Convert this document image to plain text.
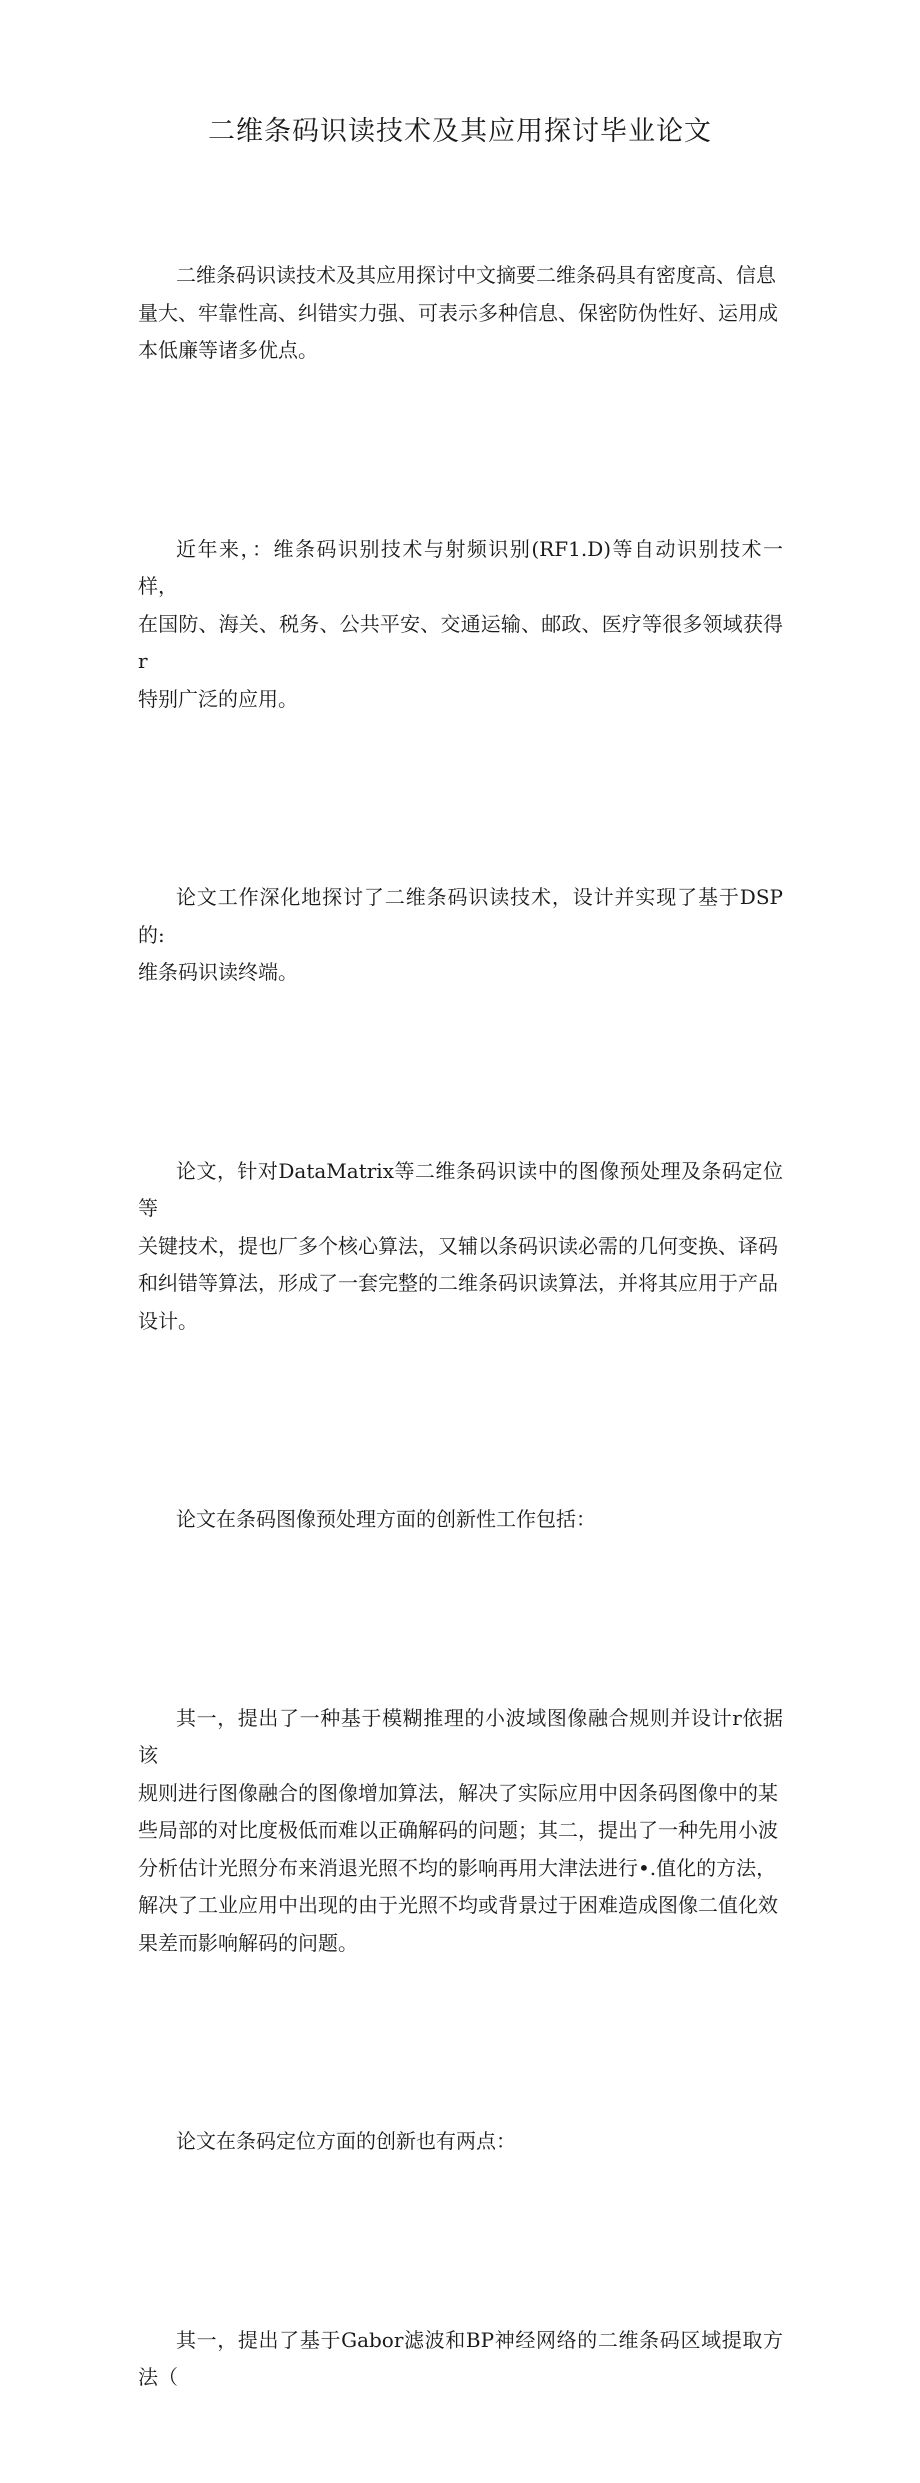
二维条码识读技术及其应用探讨毕业论文

二维条码识读技术及其应用探讨中文摘要二维条码具有密度高、信息
量大、牢靠性高、纠错实力强、可表示多种信息、保密防伪性好、运用成
本低廉等诸多优点。

近年来，：维条码识别技术与射频识别(RF1.D)等自动识别技术一样，
在国防、海关、税务、公共平安、交通运输、邮政、医疗等很多领域获得r
特别广泛的应用。

论文工作深化地探讨了二维条码识读技术，设计并实现了基于DSP的:
维条码识读终端。

论文，针对DataMatrix等二维条码识读中的图像预处理及条码定位等
关键技术，提也厂多个核心算法，又辅以条码识读必需的几何变换、译码
和纠错等算法，形成了一套完整的二维条码识读算法，并将其应用于产品
设计。

论文在条码图像预处理方面的创新性工作包括：

其一，提出了一种基于模糊推理的小波域图像融合规则并设计r依据该
规则进行图像融合的图像增加算法，解决了实际应用中因条码图像中的某
些局部的对比度极低而难以正确解码的问题；其二，提出了一种先用小波
分析估计光照分布来消退光照不均的影响再用大津法进行•.值化的方法，
解决了工业应用中出现的由于光照不均或背景过于困难造成图像二值化效
果差而影响解码的问题。

论文在条码定位方面的创新也有两点：

其一，提出了基于Gabor滤波和BP神经网络的二维条码区域提取方法（
